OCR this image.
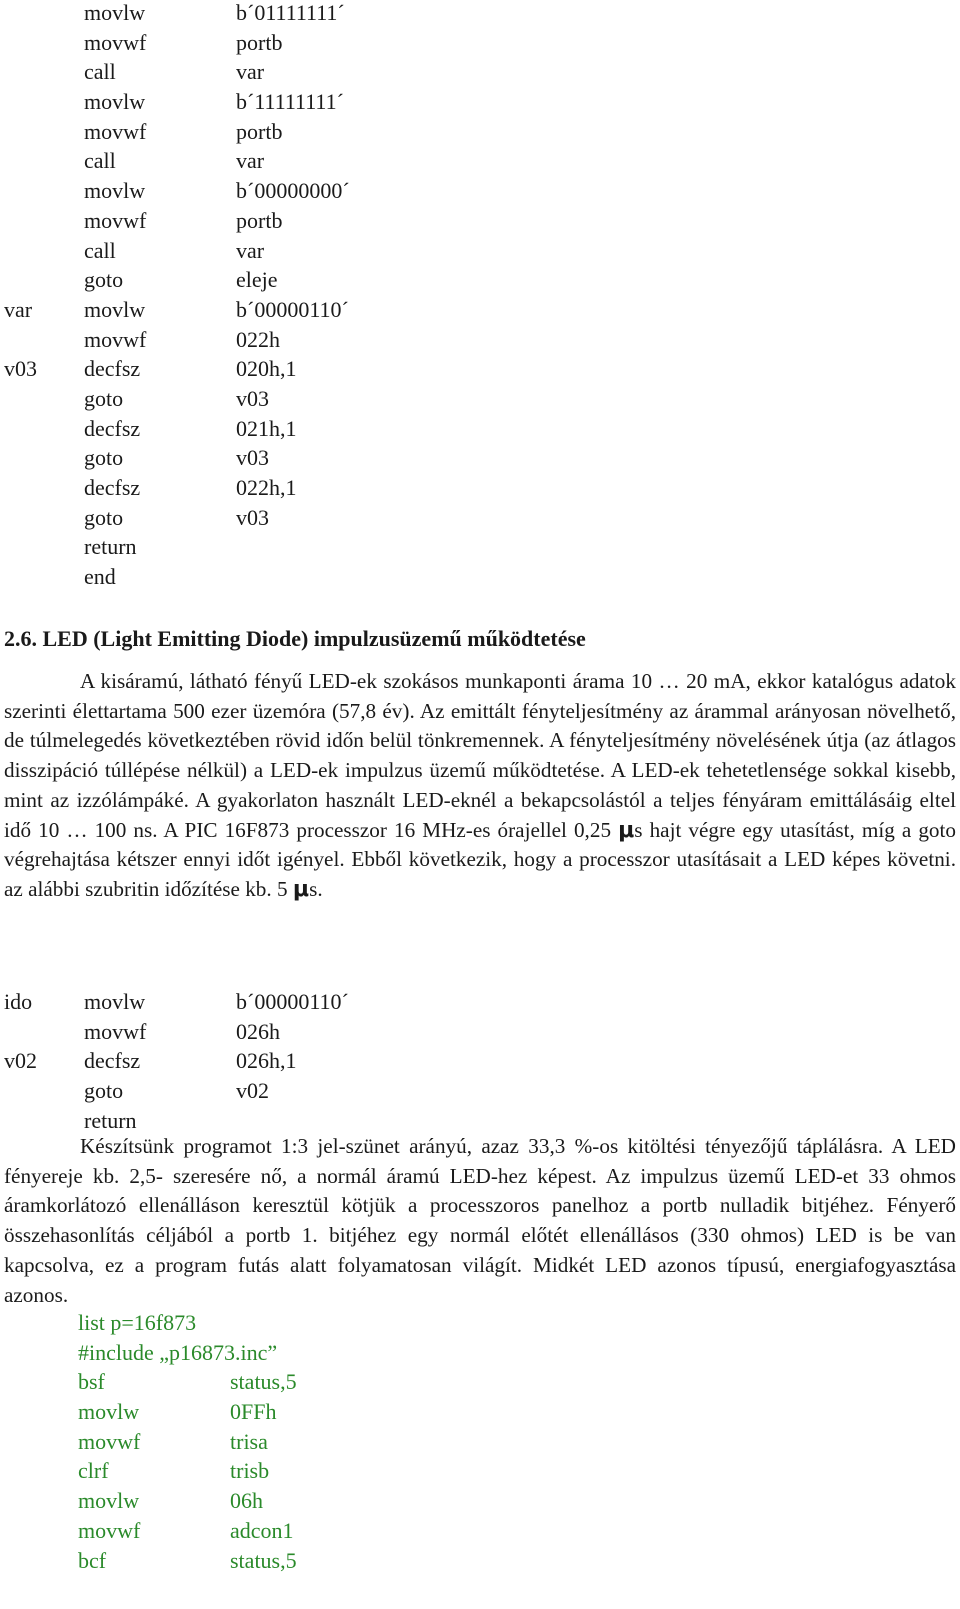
movlw	b´01111111´
movwf	portb
call	var
movlw	b´11111111´
movwf	portb
call	var
movlw	b´00000000´
movwf	portb
call	var
goto	eleje
var movlw	b´00000110´
movwf	022h
v03 decfsz	020h,1
goto	v03
decfsz	021h,1
goto	v03
decfsz	022h,1
goto	v03
return
end
2.6. LED (Light Emitting Diode) impulzusüzemű működtetése

A kisáramú, látható fényű LED-ek szokásos munkaponti árama 10 … 20 mA, ekkor katalógus adatok szerinti élettartama 500 ezer üzemóra (57,8 év). Az emittált fényteljesítmény az árammal arányosan növelhető, de túlmelegedés következtében rövid időn belül tönkremennek. A fényteljesítmény növelésének útja (az átlagos disszipáció túllépése nélkül) a LED-ek impulzus üzemű működtetése. A LED-ek tehetetlensége sokkal kisebb, mint az izzólámpáké. A gyakorlaton használt LED-eknél a bekapcsolástól a teljes fényáram emittálásáig eltel idő 10 … 100 ns. A PIC 16F873 processzor 16 MHz-es órajellel 0,25 μs hajt végre egy utasítást, míg a goto végrehajtása kétszer ennyi időt igényel. Ebből következik, hogy a processzor utasításait a LED képes követni. az alábbi szubritin időzítése kb. 5 μs.

ido movlw	b´00000110´
movwf	026h
v02 decfsz	026h,1
goto	v02
return

Készítsünk programot 1:3 jel-szünet arányú, azaz 33,3 %-os kitöltési tényezőjű táplálásra. A LED fényereje kb. 2,5- szeresére nő, a normál áramú LED-hez képest. Az impulzus üzemű LED-et 33 ohmos áramkorlátozó ellenálláson keresztül kötjük a processzoros panelhoz a portb nulladik bitjéhez. Fényerő összehasonlítás céljából a portb 1. bitjéhez egy normál előtét ellenállásos (330 ohmos) LED is be van kapcsolva, ez a program futás alatt folyamatosan világít. Midkét LED azonos típusú, energiafogyasztása azonos.

list p=16f873
#include „p16873.inc”
bsf	status,5
movlw	0FFh
movwf	trisa
clrf	trisb
movlw	06h
movwf	adcon1
bcf	status,5
